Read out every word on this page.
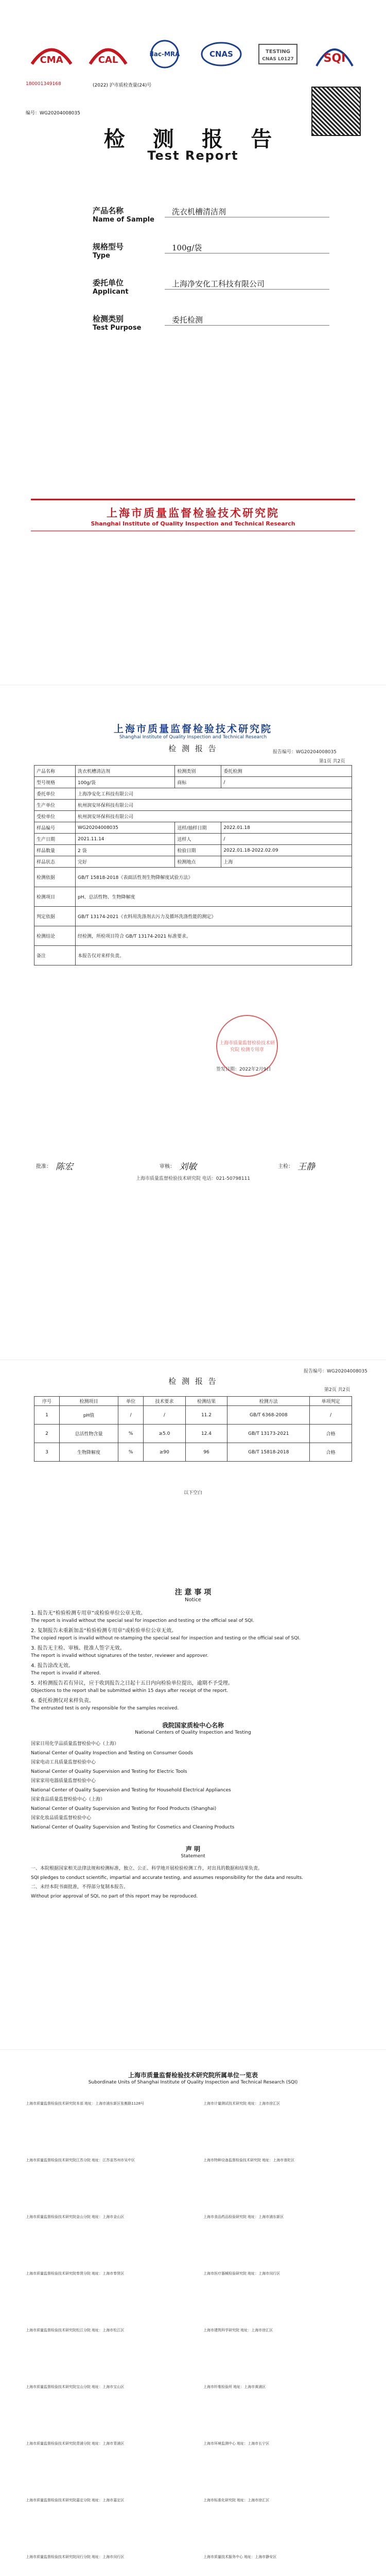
CMA	CAL
ilac-MRA	CNAS	TESTING
CNAS L0127	SQI
180001349168	(2022) 沪市质检查量(24)号
编号：WG20204008035
检 测 报 告
Test Report
产品名称
Name of Sample
洗衣机槽清洁剂
规格型号
Type
100g/袋
委托单位
Applicant
上海净安化工科技有限公司
检测类别
Test Purpose
委托检测
上海市质量监督检验技术研究院
Shanghai Institute of Quality Inspection and Technical Research
上海市质量监督检验技术研究院
Shanghai Institute of Quality Inspection and Technical Research
检 测 报 告	报告编号：WG20204008035
第1页 共2页
产品名称	洗衣机槽清洁剂	检测类别	委托检测
型号规格	100g/袋	商标	/
委托单位	上海净安化工科技有限公司		
生产单位	杭州润安环保科技有限公司		
受检单位	杭州润安环保科技有限公司		
样品编号	WG20204008035	送样/抽样日期	2022.01.18
生产日期	2021.11.14	送样人	/
样品数量	2 袋	检验日期	2022.01.18-2022.02.09
样品状态	完好	检测地点	上海
检测依据	GB/T 15818-2018《表面活性剂生物降解度试验方法》		
检测项目	pH、总活性物、生物降解度		
判定依据	GB/T 13174-2021《衣料用洗涤剂去污力及循环洗涤性能的测定》		
检测结论	经检测，所检项目符合 GB/T 13174-2021 标准要求。		
备注	本报告仅对来样负责。		
上海市质量监督检验技术研究院 检测专用章
签发日期：2022年2月9日
批准： 陈宏	审核： 刘敏	主检： 王静
上海市质量监督检验技术研究院 电话：021-50798111
检 测 报 告
报告编号：WG20204008035
第2页 共2页
序号	检测项目	单位	技术要求	检测结果	检测方法	单项判定
1	pH值	/	/	11.2	GB/T 6368-2008	/
2	总活性物含量	%	≥5.0	12.4	GB/T 13173-2021	合格
3	生物降解度	%	≥90	96	GB/T 15818-2018	合格
以下空白
注 意 事 项
Notice
1. 报告无“检验检测专用章”或检验单位公章无效。
The report is invalid without the special seal for inspection and testing or the official seal of SQI.
2. 复制报告未重新加盖“检验检测专用章”或检验单位公章无效。
The copied report is invalid without re-stamping the special seal for inspection and testing or the official seal of SQI.
3. 报告无主检、审核、批准人签字无效。
The report is invalid without signatures of the tester, reviewer and approver.
4. 报告涂改无效。
The report is invalid if altered.
5. 对检测报告若有异议，应于收到报告之日起十五日内向检验单位提出，逾期不予受理。
Objections to the report shall be submitted within 15 days after receipt of the report.
6. 委托检测仅对来样负责。
The entrusted test is only responsible for the samples received.
我院国家质检中心名称
National Centers of Quality Inspection and Testing
国家日用化学品质量监督检验中心（上海）
National Center of Quality Inspection and Testing on Consumer Goods
国家电动工具质量监督检验中心
National Center of Quality Supervision and Testing for Electric Tools
国家家用电器质量监督检验中心
National Center of Quality Supervision and Testing for Household Electrical Appliances
国家食品质量监督检验中心（上海）
National Center of Quality Supervision and Testing for Food Products (Shanghai)
国家化妆品质量监督检验中心
National Center of Quality Supervision and Testing for Cosmetics and Cleaning Products
声 明
Statement
一、本院根据国家相关法律法规和检测标准，独立、公正、科学地开展检验检测工作，对出具的数据和结果负责。
SQI pledges to conduct scientific, impartial and accurate testing, and assumes responsibility for the data and results.
二、未经本院书面批准，不得部分复制本报告。
Without prior approval of SQI, no part of this report may be reproduced.
上海市质量监督检验技术研究院所属单位一览表
Subordinate Units of Shanghai Institute of Quality Inspection and Technical Research (SQI)
上海市质量监督检验技术研究院本部 地址：上海市浦东新区张衡路1128号
上海市质量监督检验技术研究院江苏分院 地址：江苏省苏州市吴中区
上海市质量监督检验技术研究院金山分院 地址：上海市金山区
上海市质量监督检验技术研究院奉贤分院 地址：上海市奉贤区
上海市质量监督检验技术研究院松江分院 地址：上海市松江区
上海市质量监督检验技术研究院宝山分院 地址：上海市宝山区
上海市质量监督检验技术研究院青浦分院 地址：上海市青浦区
上海市质量监督检验技术研究院嘉定分院 地址：上海市嘉定区
上海市质量监督检验技术研究院闵行分院 地址：上海市闵行区
上海市计量测试技术研究院 地址：上海市徐汇区
上海市特种设备监督检验技术研究院 地址：上海市普陀区
上海市食品药品检验研究院 地址：上海市浦东新区
上海市医疗器械检验研究院 地址：上海市闵行区
上海市建筑科学研究院 地址：上海市徐汇区
上海市纤维检验所 地址：上海市黄浦区
上海市环境监测中心 地址：上海市长宁区
上海市标准化研究院 地址：上海市徐汇区
上海市质量技术服务中心 地址：上海市静安区
